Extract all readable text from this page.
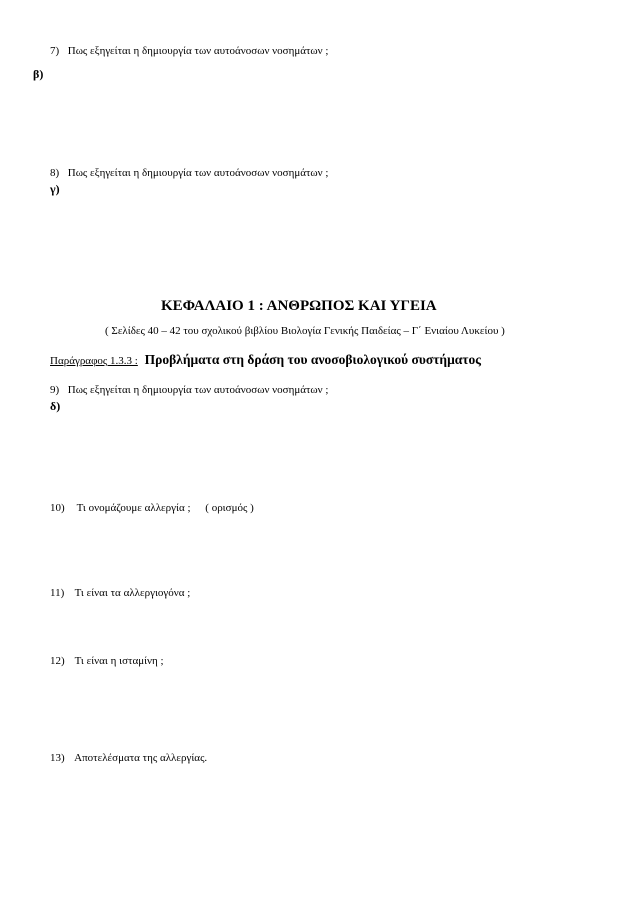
7) Πως εξηγείται η δημιουργία των αυτοάνοσων νοσημάτων ;
β)
8) Πως εξηγείται η δημιουργία των αυτοάνοσων νοσημάτων ;
γ)
ΚΕΦΑΛΑΙΟ 1 : ΑΝΘΡΩΠΟΣ ΚΑΙ ΥΓΕΙΑ
( Σελίδες 40 – 42 του σχολικού βιβλίου Βιολογία Γενικής Παιδείας – Γ΄ Ενιαίου Λυκείου )
Παράγραφος 1.3.3 : Προβλήματα στη δράση του ανοσοβιολογικού συστήματος
9) Πως εξηγείται η δημιουργία των αυτοάνοσων νοσημάτων ;
δ)
10) Τι ονομάζουμε αλλεργία ; ( ορισμός )
11) Τι είναι τα αλλεργιογόνα ;
12) Τι είναι η ισταμίνη ;
13) Αποτελέσματα της αλλεργίας.
